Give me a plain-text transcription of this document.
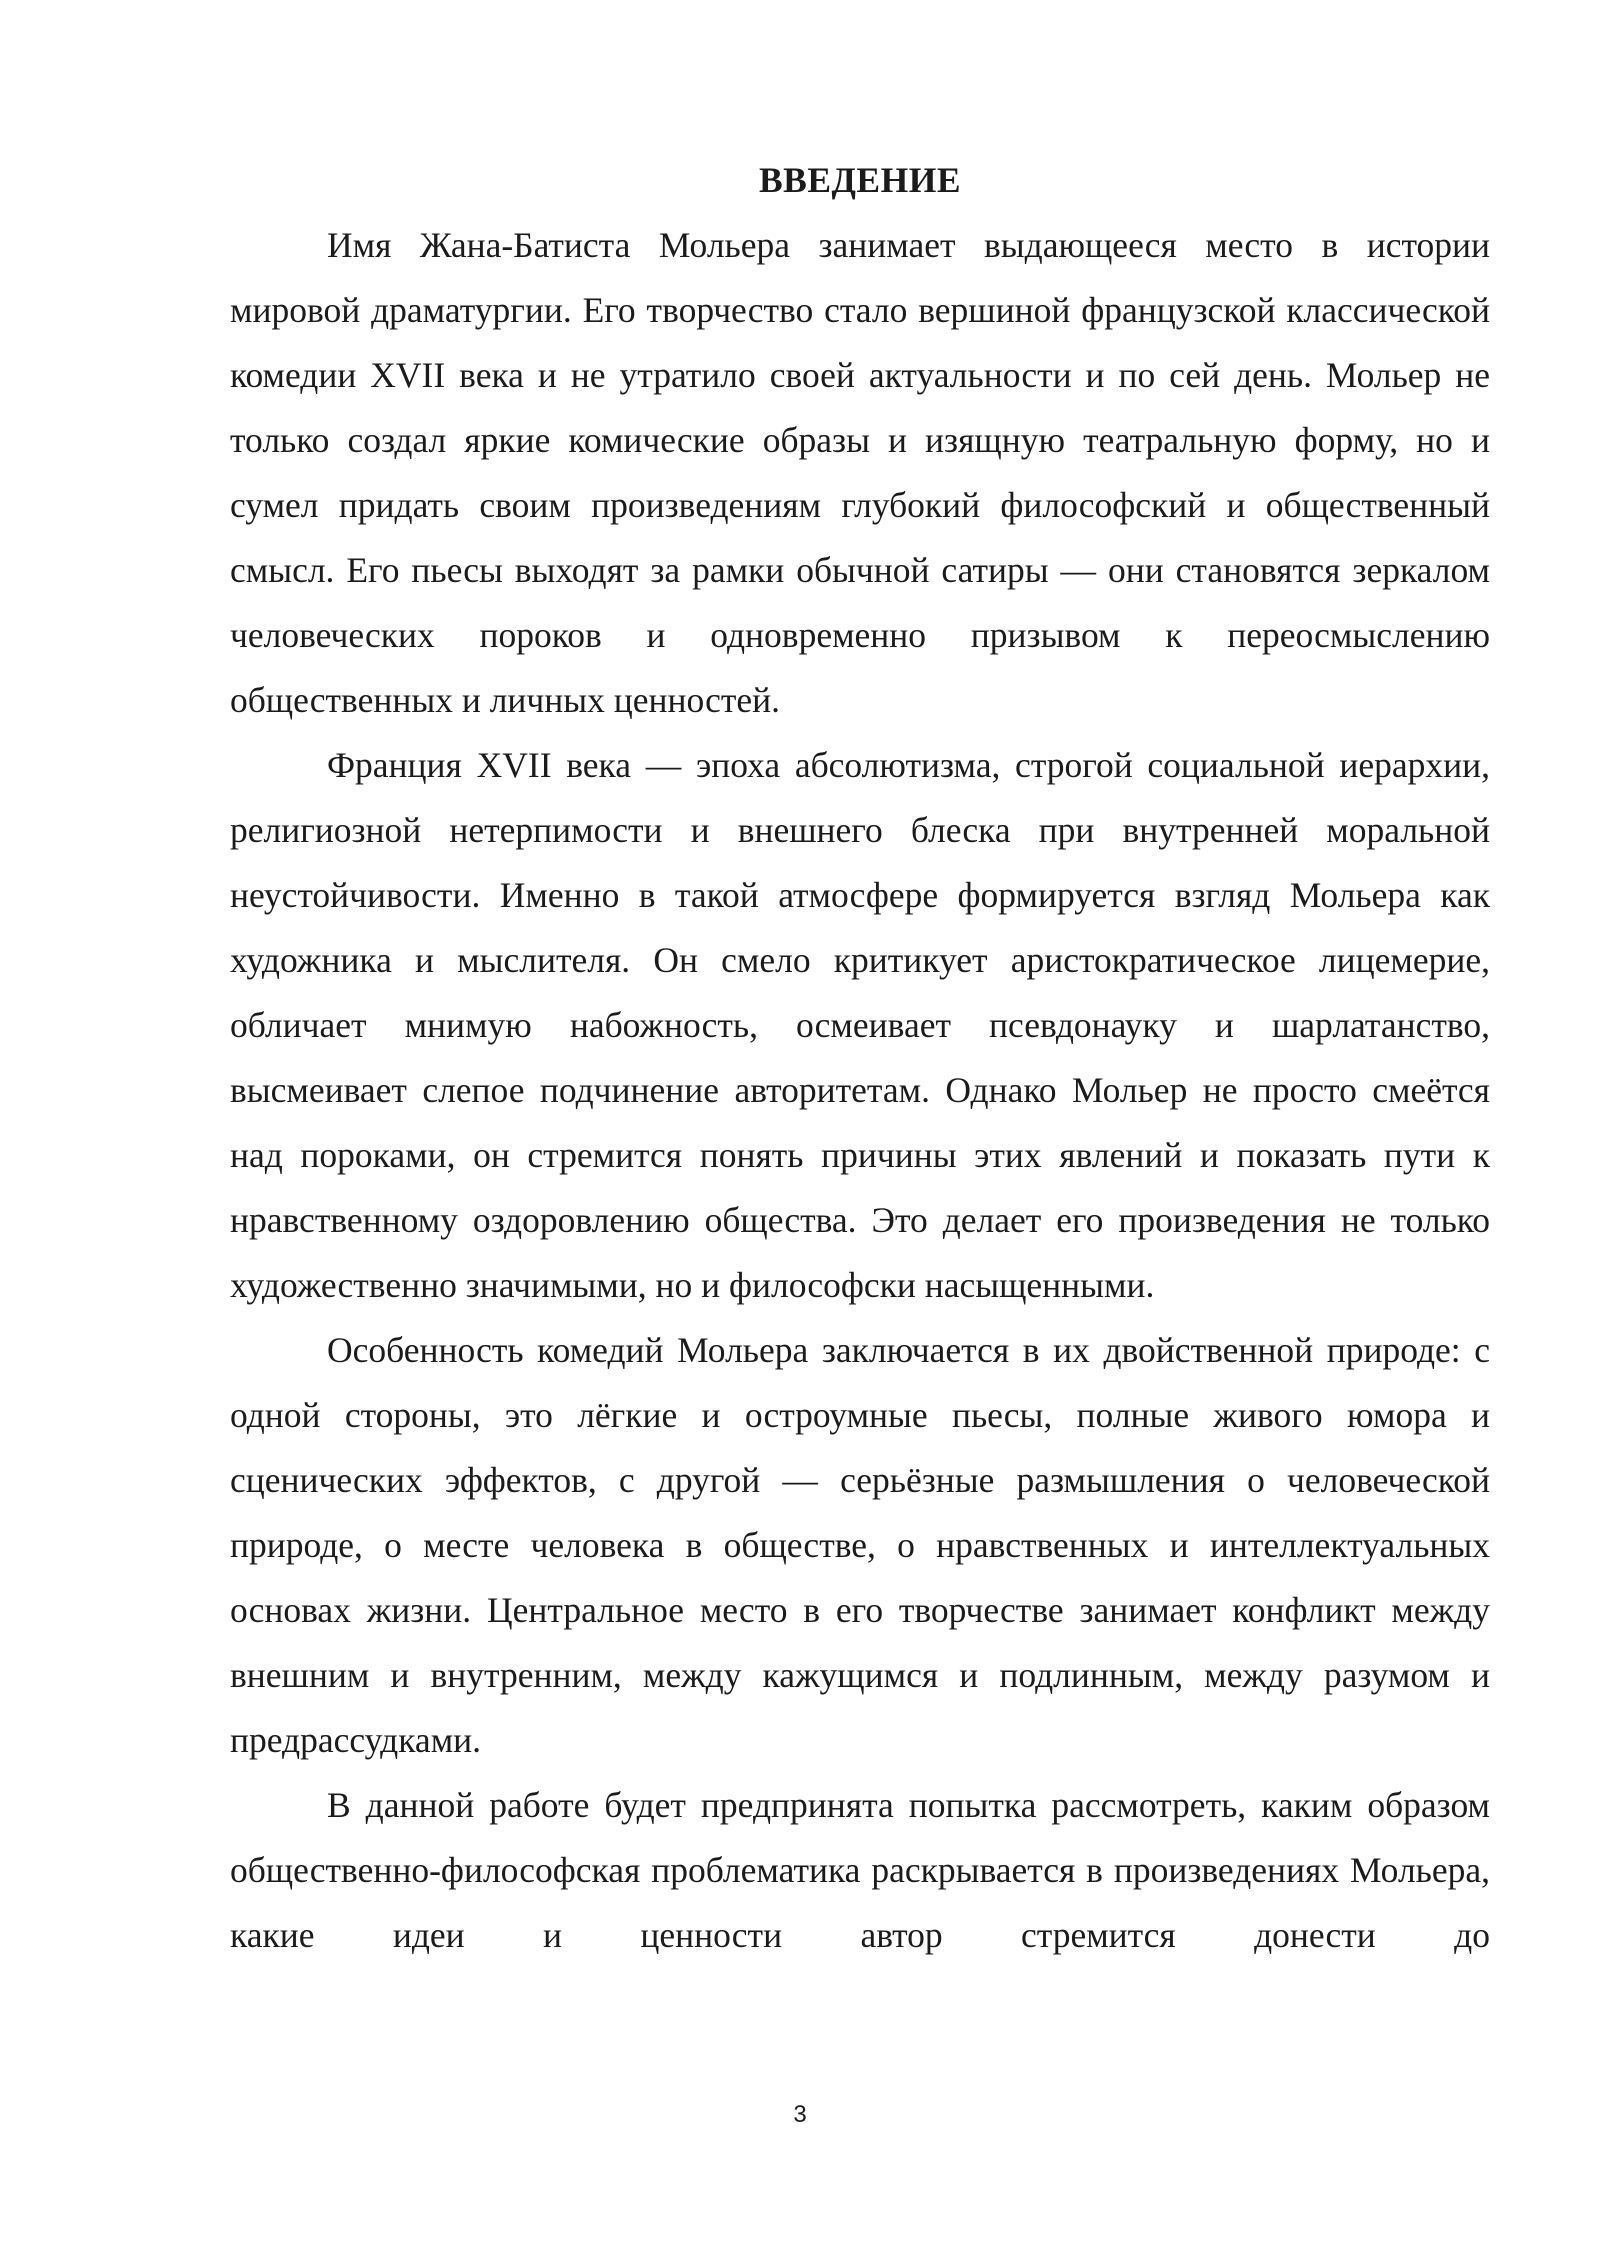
ВВЕДЕНИЕ

Имя Жана-Батиста Мольера занимает выдающееся место в истории мировой драматургии. Его творчество стало вершиной французской классической комедии XVII века и не утратило своей актуальности и по сей день. Мольер не только создал яркие комические образы и изящную театральную форму, но и сумел придать своим произведениям глубокий философский и общественный смысл. Его пьесы выходят за рамки обычной сатиры — они становятся зеркалом человеческих пороков и одновременно призывом к переосмыслению общественных и личных ценностей.

Франция XVII века — эпоха абсолютизма, строгой социальной иерархии, религиозной нетерпимости и внешнего блеска при внутренней моральной неустойчивости. Именно в такой атмосфере формируется взгляд Мольера как художника и мыслителя. Он смело критикует аристократическое лицемерие, обличает мнимую набожность, осмеивает псевдонауку и шарлатанство, высмеивает слепое подчинение авторитетам. Однако Мольер не просто смеётся над пороками, он стремится понять причины этих явлений и показать пути к нравственному оздоровлению общества. Это делает его произведения не только художественно значимыми, но и философски насыщенными.

Особенность комедий Мольера заключается в их двойственной природе: с одной стороны, это лёгкие и остроумные пьесы, полные живого юмора и сценических эффектов, с другой — серьёзные размышления о человеческой природе, о месте человека в обществе, о нравственных и интеллектуальных основах жизни. Центральное место в его творчестве занимает конфликт между внешним и внутренним, между кажущимся и подлинным, между разумом и предрассудками.

В данной работе будет предпринята попытка рассмотреть, каким образом общественно-философская проблематика раскрывается в произведениях Мольера, какие идеи и ценности автор стремится донести до

3
